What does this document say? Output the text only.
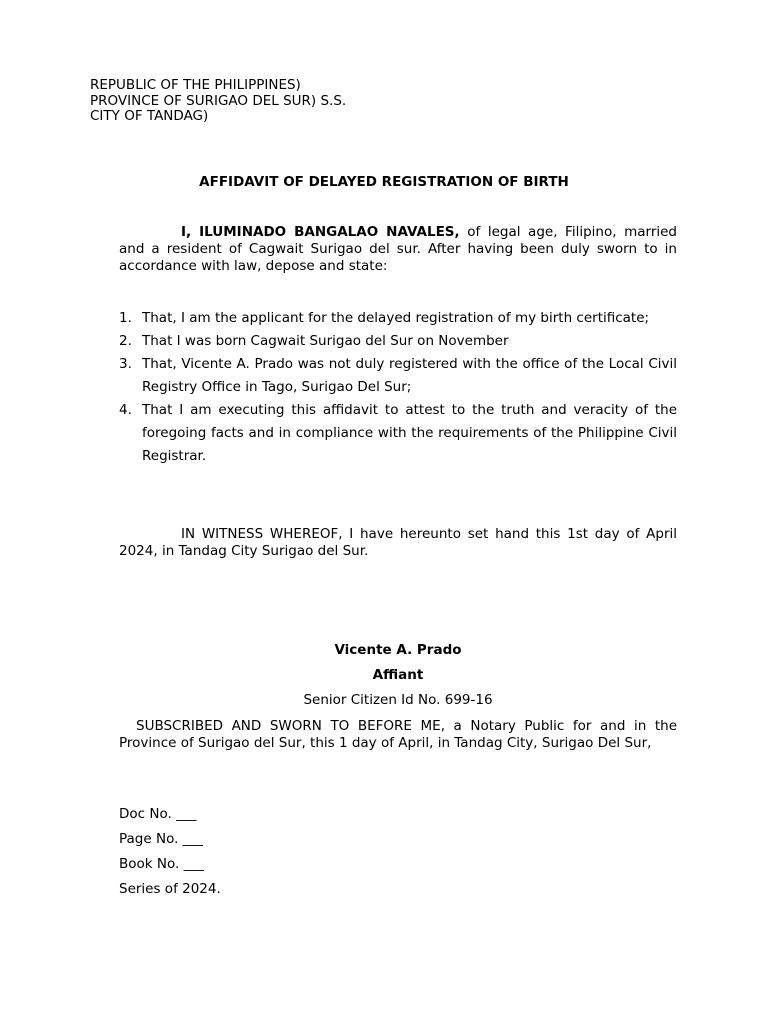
REPUBLIC OF THE PHILIPPINES)
PROVINCE OF SURIGAO DEL SUR) S.S.
CITY OF TANDAG)
AFFIDAVIT OF DELAYED REGISTRATION OF BIRTH
I, ILUMINADO BANGALAO NAVALES, of legal age, Filipino, married and a resident of Cagwait Surigao del sur. After having been duly sworn to in accordance with law, depose and state:
1. That, I am the applicant for the delayed registration of my birth certificate;
2. That I was born Cagwait Surigao del Sur on November
3. That, Vicente A. Prado was not duly registered with the office of the Local Civil Registry Office in Tago, Surigao Del Sur;
4. That I am executing this affidavit to attest to the truth and veracity of the foregoing facts and in compliance with the requirements of the Philippine Civil Registrar.
IN WITNESS WHEREOF, I have hereunto set hand this 1st day of April 2024, in Tandag City Surigao del Sur.
Vicente A. Prado
Affiant
Senior Citizen Id No. 699-16
SUBSCRIBED AND SWORN TO BEFORE ME, a Notary Public for and in the Province of Surigao del Sur, this 1 day of April, in Tandag City, Surigao Del Sur,
Doc No. ___
Page No. ___
Book No. ___
Series of 2024.
